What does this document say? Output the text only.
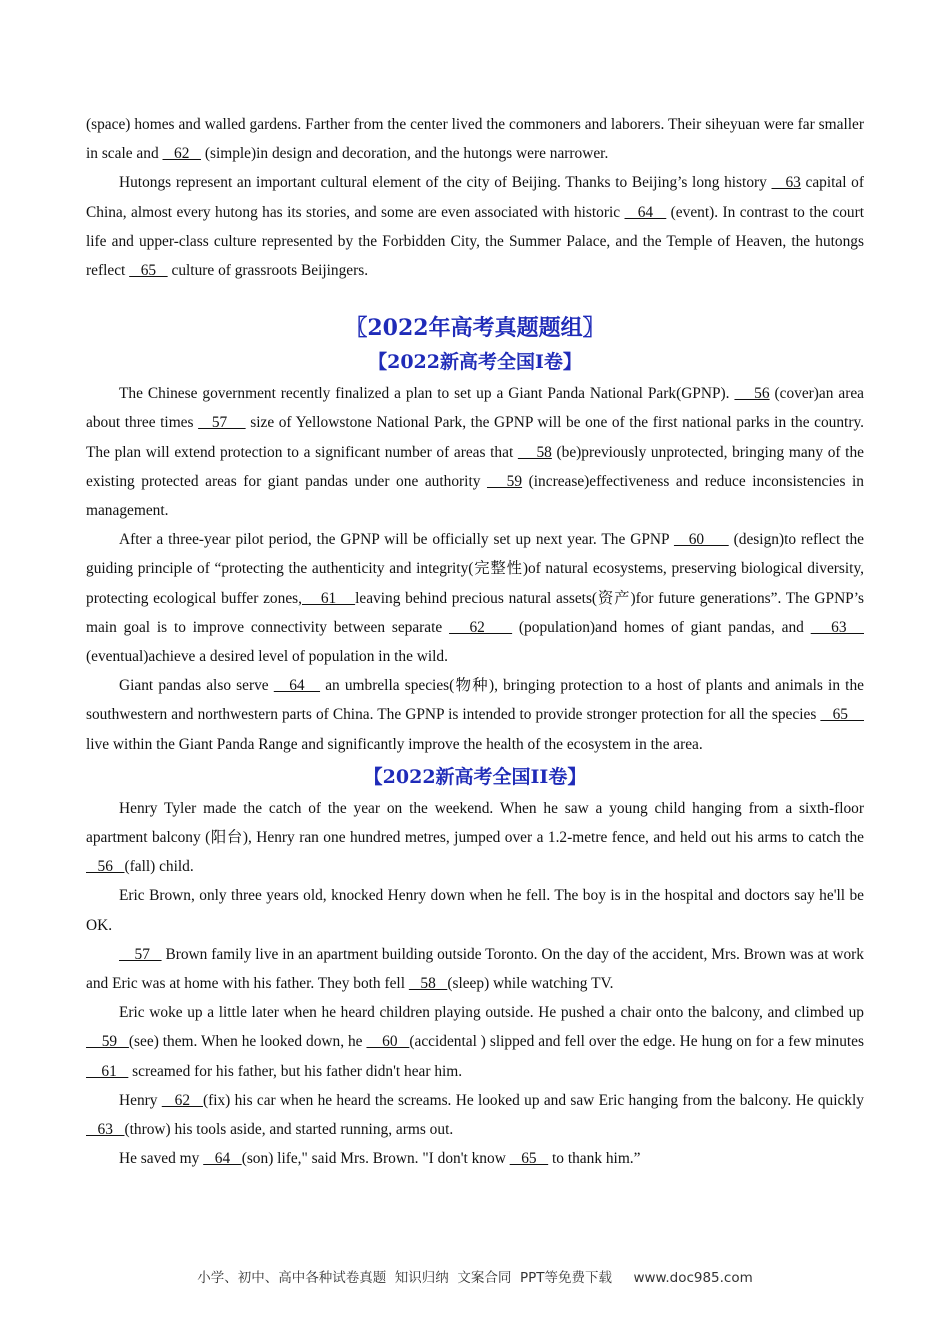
(space) homes and walled gardens. Farther from the center lived the commoners and laborers. Their siheyuan were far smaller in scale and    62    (simple)in design and decoration, and the hutongs were narrower.

Hutongs represent an important cultural element of the city of Beijing. Thanks to Beijing’s long history    63 capital of China, almost every hutong has its stories, and some are even associated with historic    64    (event). In contrast to the court life and upper-class culture represented by the Forbidden City, the Summer Palace, and the Temple of Heaven, the hutongs reflect    65    culture of grassroots Beijingers.

〖2022年高考真题题组〗
【2022新高考全国I卷】

The Chinese government recently finalized a plan to set up a Giant Panda National Park(GPNP).     56 (cover)an area about three times    57     size of Yellowstone National Park, the GPNP will be one of the first national parks in the country. The plan will extend protection to a significant number of areas that     58 (be)previously unprotected, bringing many of the existing protected areas for giant pandas under one authority    59 (increase)effectiveness and reduce inconsistencies in management.

After a three-year pilot period, the GPNP will be officially set up next year. The GPNP    60      (design)to reflect the guiding principle of “protecting the authenticity and integrity(完整性)of natural ecosystems, preserving biological diversity, protecting ecological buffer zones,    61    leaving behind precious natural assets(资产)for future generations”. The GPNP’s main goal is to improve connectivity between separate    62     (population)and homes of giant pandas, and    63    (eventual)achieve a desired level of population in the wild.

Giant pandas also serve    64    an umbrella species(物种), bringing protection to a host of plants and animals in the southwestern and northwestern parts of China. The GPNP is intended to provide stronger protection for all the species    65     live within the Giant Panda Range and significantly improve the health of the ecosystem in the area.

【2022新高考全国II卷】

Henry Tyler made the catch of the year on the weekend. When he saw a young child hanging from a sixth-floor apartment balcony (阳台), Henry ran one hundred metres, jumped over a 1.2-metre fence, and held out his arms to catch the    56   (fall) child.

Eric Brown, only three years old, knocked Henry down when he fell. The boy is in the hospital and doctors say he'll be OK.

57    Brown family live in an apartment building outside Toronto. On the day of the accident, Mrs. Brown was at work and Eric was at home with his father. They both fell    58   (sleep) while watching TV.

Eric woke up a little later when he heard children playing outside. He pushed a chair onto the balcony, and climbed up     59   (see) them. When he looked down, he     60   (accidental ) slipped and fell over the edge. He hung on for a few minutes     61    screamed for his father, but his father didn't hear him.

Henry    62   (fix) his car when he heard the screams. He looked up and saw Eric hanging from the balcony. He quickly    63   (throw) his tools aside, and started running, arms out.

He saved my    64   (son) life," said Mrs. Brown. "I don't know    65    to thank him.”

小学、初中、高中各种试卷真题  知识归纳  文案合同  PPT等免费下载     www.doc985.com
